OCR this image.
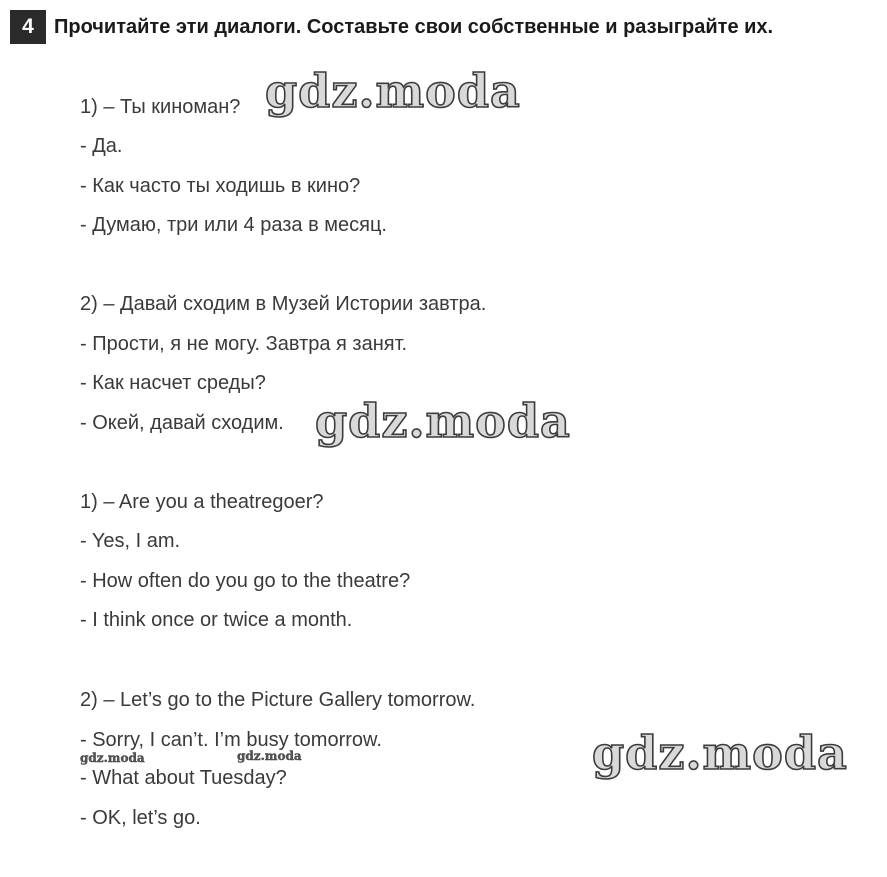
4	Прочитайте эти диалоги. Составьте свои собственные и разыграйте их.
1) – Ты киноман?
- Да.
- Как часто ты ходишь в кино?
- Думаю, три или 4 раза в месяц.
2) – Давай сходим в Музей Истории завтра.
- Прости, я не могу. Завтра я занят.
- Как насчет среды?
- Окей, давай сходим.
1) – Are you a theatregoer?
- Yes, I am.
- How often do you go to the theatre?
- I think once or twice a month.
2) – Let’s go to the Picture Gallery tomorrow.
- Sorry, I can’t. I’m busy tomorrow.
- What about Tuesday?
- OK, let’s go.
gdz.moda
gdz.moda
gdz.moda
gdz.moda	gdz.moda
